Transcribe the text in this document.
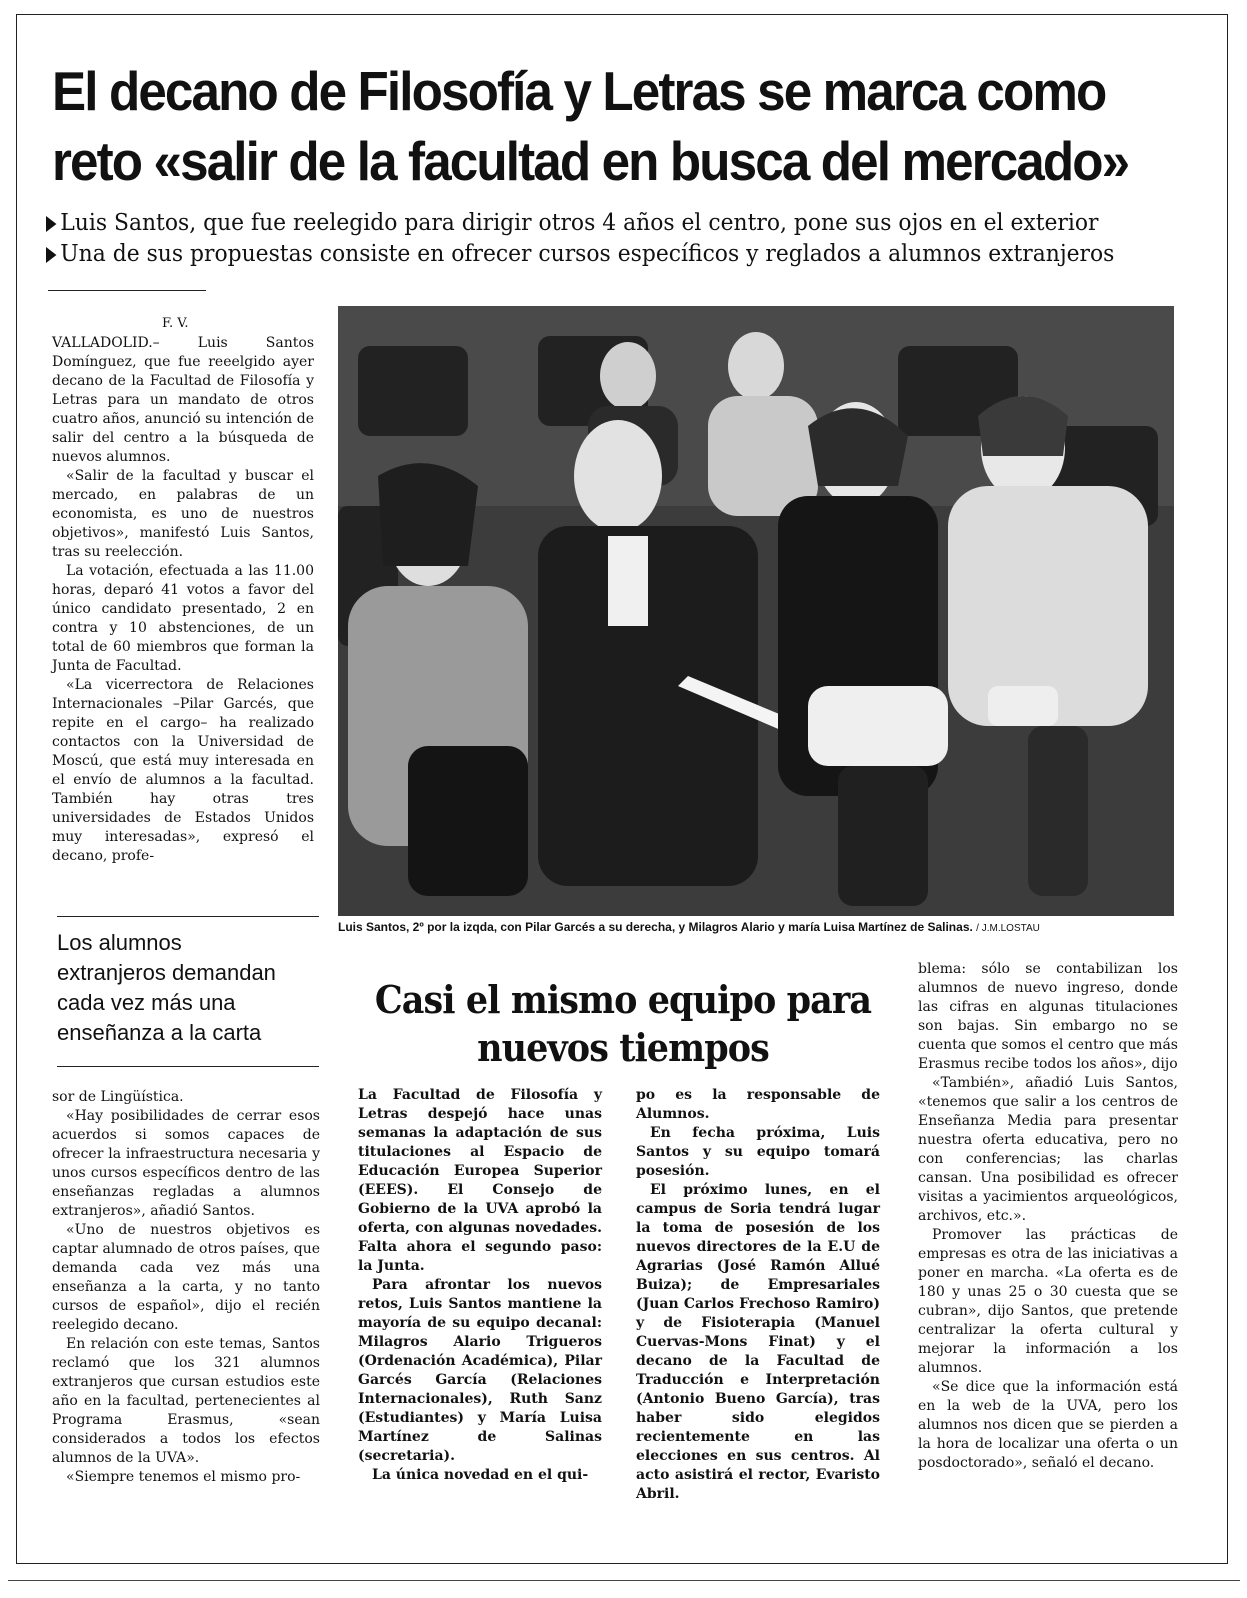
El decano de Filosofía y Letras se marca como
reto «salir de la facultad en busca del mercado»
Luis Santos, que fue reelegido para dirigir otros 4 años el centro, pone sus ojos en el exterior
Una de sus propuestas consiste en ofrecer cursos específicos y reglados a alumnos extranjeros
F. V.

VALLADOLID.– Luis Santos Domínguez, que fue reeelgido ayer decano de la Facultad de Filosofía y Letras para un mandato de otros cuatro años, anunció su intención de salir del centro a la búsqueda de nuevos alumnos.

«Salir de la facultad y buscar el mercado, en palabras de un economista, es uno de nuestros objetivos», manifestó Luis Santos, tras su reelección.

La votación, efectuada a las 11.00 horas, deparó 41 votos a favor del único candidato presentado, 2 en contra y 10 abstenciones, de un total de 60 miembros que forman la Junta de Facultad.

«La vicerrectora de Relaciones Internacionales –Pilar Garcés, que repite en el cargo– ha realizado contactos con la Universidad de Moscú, que está muy interesada en el envío de alumnos a la facultad. También hay otras tres universidades de Estados Unidos muy interesadas», expresó el decano, profe-

Luis Santos, 2º por la izqda, con Pilar Garcés a su derecha, y Milagros Alario y maría Luisa Martínez de Salinas. / J.M.LOSTAU
Los alumnos
extranjeros demandan
cada vez más una
enseñanza a la carta

sor de Lingüística.

«Hay posibilidades de cerrar esos acuerdos si somos capaces de ofrecer la infraestructura necesaria y unos cursos específicos dentro de las enseñanzas regladas a alumnos extranjeros», añadió Santos.

«Uno de nuestros objetivos es captar alumnado de otros países, que demanda cada vez más una enseñanza a la carta, y no tanto cursos de español», dijo el recién reelegido decano.

En relación con este temas, Santos reclamó que los 321 alumnos extranjeros que cursan estudios este año en la facultad, pertenecientes al Programa Erasmus, «sean considerados a todos los efectos alumnos de la UVA».

«Siempre tenemos el mismo pro-

Casi el mismo equipo para
nuevos tiempos

La Facultad de Filosofía y Letras despejó hace unas semanas la adaptación de sus titulaciones al Espacio de Educación Europea Superior (EEES). El Consejo de Gobierno de la UVA aprobó la oferta, con algunas novedades. Falta ahora el segundo paso: la Junta.

Para afrontar los nuevos retos, Luis Santos mantiene la mayoría de su equipo decanal: Milagros Alario Trigueros (Ordenación Académica), Pilar Garcés García (Relaciones Internacionales), Ruth Sanz (Estudiantes) y María Luisa Martínez de Salinas (secretaria).

La única novedad en el qui-

po es la responsable de Alumnos.

En fecha próxima, Luis Santos y su equipo tomará posesión.

El próximo lunes, en el campus de Soria tendrá lugar la toma de posesión de los nuevos directores de la E.U de Agrarias (José Ramón Allué Buiza); de Empresariales (Juan Carlos Frechoso Ramiro) y de Fisioterapia (Manuel Cuervas-Mons Finat) y el decano de la Facultad de Traducción e Interpretación (Antonio Bueno García), tras haber sido elegidos recientemente en las elecciones en sus centros. Al acto asistirá el rector, Evaristo Abril.

blema: sólo se contabilizan los alumnos de nuevo ingreso, donde las cifras en algunas titulaciones son bajas. Sin embargo no se cuenta que somos el centro que más Erasmus recibe todos los años», dijo

«También», añadió Luis Santos, «tenemos que salir a los centros de Enseñanza Media para presentar nuestra oferta educativa, pero no con conferencias; las charlas cansan. Una posibilidad es ofrecer visitas a yacimientos arqueológicos, archivos, etc.».

Promover las prácticas de empresas es otra de las iniciativas a poner en marcha. «La oferta es de 180 y unas 25 o 30 cuesta que se cubran», dijo Santos, que pretende centralizar la oferta cultural y mejorar la información a los alumnos.

«Se dice que la información está en la web de la UVA, pero los alumnos nos dicen que se pierden a la hora de localizar una oferta o un posdoctorado», señaló el decano.
